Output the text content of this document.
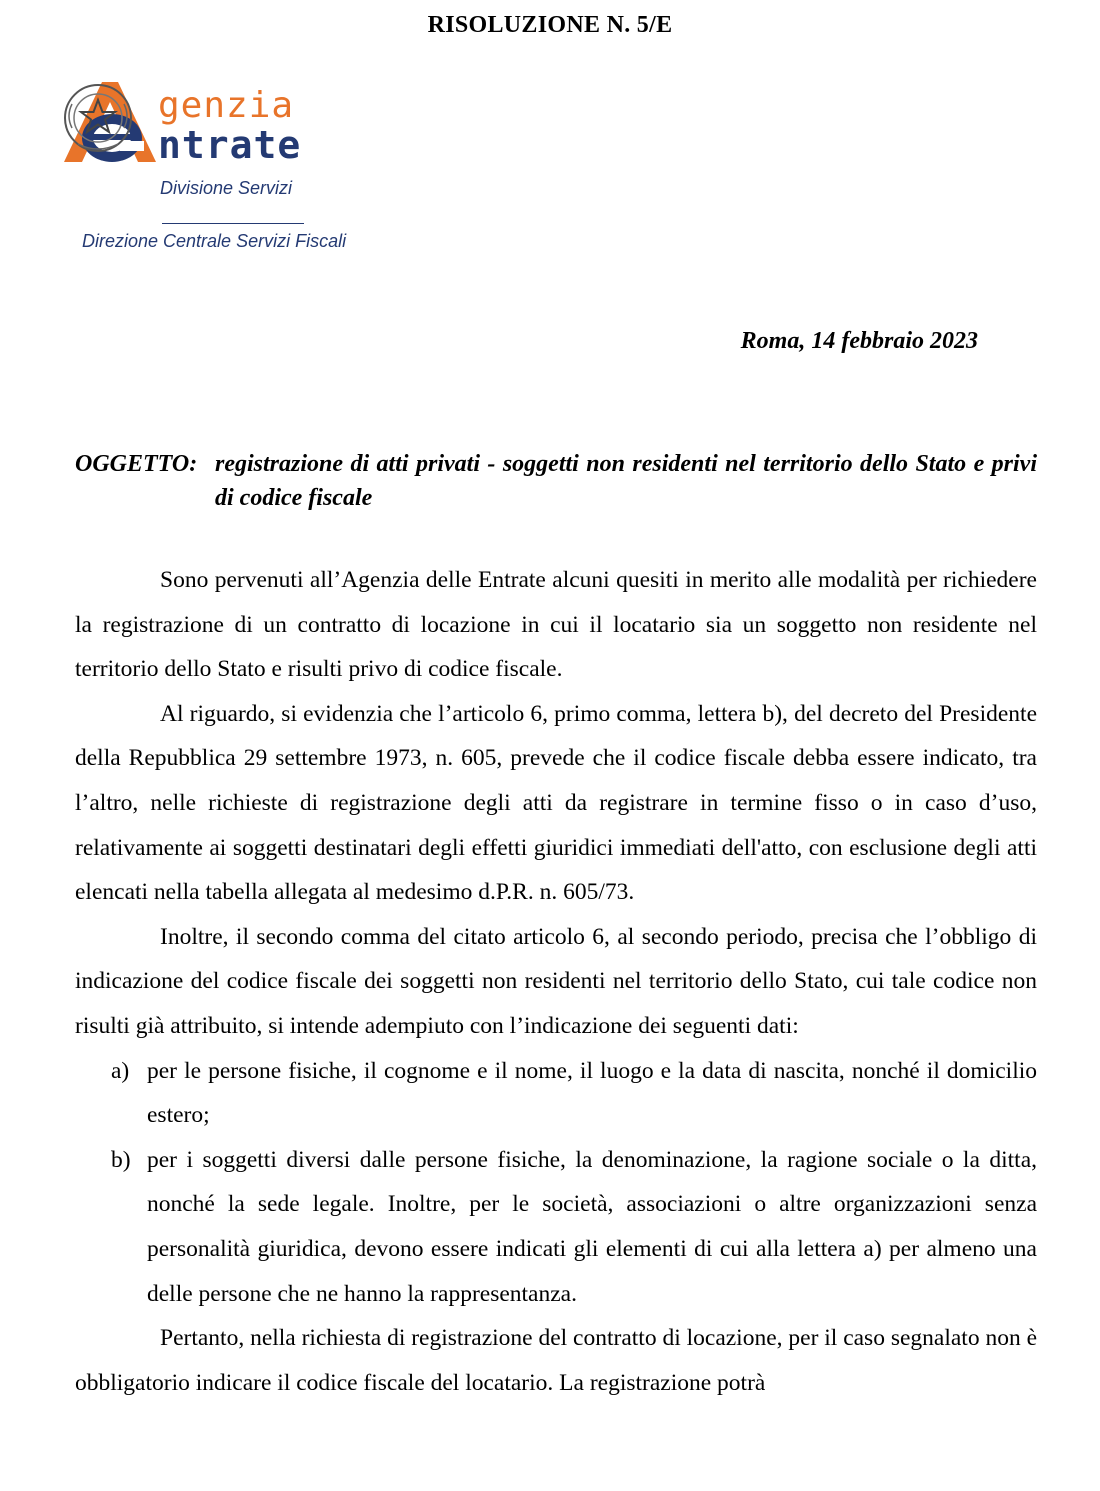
RISOLUZIONE N. 5/E
genzia
ntrate
Divisione Servizi
Direzione Centrale Servizi Fiscali
Roma, 14 febbraio 2023
OGGETTO: registrazione di atti privati - soggetti non residenti nel territorio dello Stato e privi di codice fiscale

Sono pervenuti all’Agenzia delle Entrate alcuni quesiti in merito alle modalità per richiedere la registrazione di un contratto di locazione in cui il locatario sia un soggetto non residente nel territorio dello Stato e risulti privo di codice fiscale.

Al riguardo, si evidenzia che l’articolo 6, primo comma, lettera b), del decreto del Presidente della Repubblica 29 settembre 1973, n. 605, prevede che il codice fiscale debba essere indicato, tra l’altro, nelle richieste di registrazione degli atti da registrare in termine fisso o in caso d’uso, relativamente ai soggetti destinatari degli effetti giuridici immediati dell'atto, con esclusione degli atti elencati nella tabella allegata al medesimo d.P.R. n. 605/73.

Inoltre, il secondo comma del citato articolo 6, al secondo periodo, precisa che l’obbligo di indicazione del codice fiscale dei soggetti non residenti nel territorio dello Stato, cui tale codice non risulti già attribuito, si intende adempiuto con l’indicazione dei seguenti dati:

a) per le persone fisiche, il cognome e il nome, il luogo e la data di nascita, nonché il domicilio estero;
b) per i soggetti diversi dalle persone fisiche, la denominazione, la ragione sociale o la ditta, nonché la sede legale. Inoltre, per le società, associazioni o altre organizzazioni senza personalità giuridica, devono essere indicati gli elementi di cui alla lettera a) per almeno una delle persone che ne hanno la rappresentanza.

Pertanto, nella richiesta di registrazione del contratto di locazione, per il caso segnalato non è obbligatorio indicare il codice fiscale del locatario. La registrazione potrà
